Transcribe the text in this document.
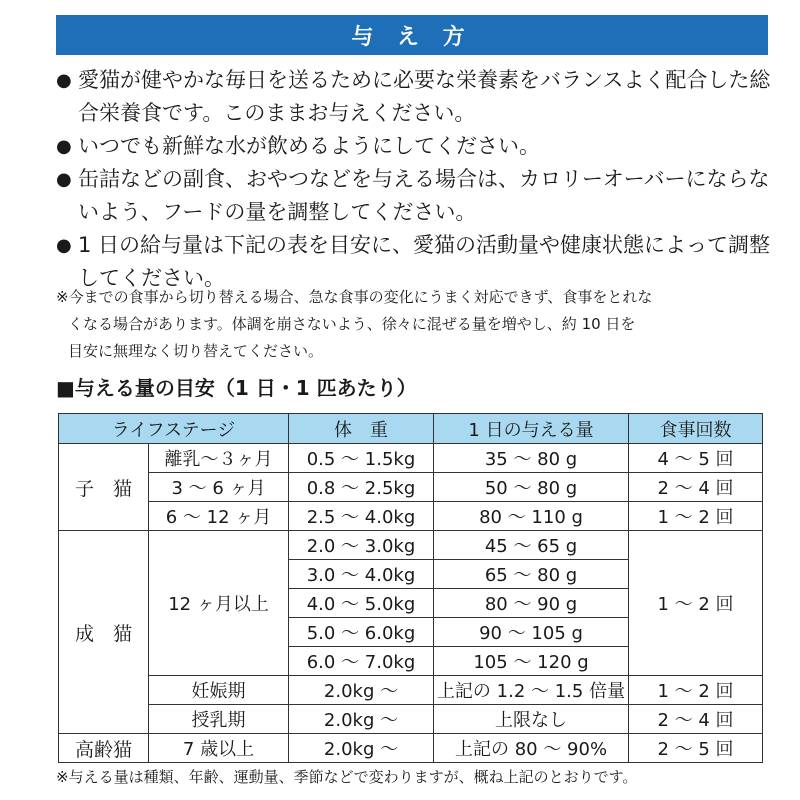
与 え 方
● 愛猫が健やかな毎日を送るために必要な栄養素をバランスよく配合した総合栄養食です。このままお与えください。
● いつでも新鮮な水が飲めるようにしてください。
● 缶詰などの副食、おやつなどを与える場合は、カロリーオーバーにならないよう、フードの量を調整してください。
● 1 日の給与量は下記の表を目安に、愛猫の活動量や健康状態によって調整してください。
※今までの食事から切り替える場合、急な食事の変化にうまく対応できず、食事をとれな
くなる場合があります。体調を崩さないよう、徐々に混ぜる量を増やし、約 10 日を
目安に無理なく切り替えてください。
■与える量の目安（1 日・1 匹あたり）
ライフステージ		体　重	1 日の与える量	食事回数
子　猫	離乳～３ヶ月	0.5 ～ 1.5kg	35 ～ 80 g	4 ～ 5 回
	3 ～ 6 ヶ月	0.8 ～ 2.5kg	50 ～ 80 g	2 ～ 4 回
	6 ～ 12 ヶ月	2.5 ～ 4.0kg	80 ～ 110 g	1 ～ 2 回
成　猫	12 ヶ月以上	2.0 ～ 3.0kg	45 ～ 65 g	1 ～ 2 回
		3.0 ～ 4.0kg	65 ～ 80 g	
		4.0 ～ 5.0kg	80 ～ 90 g	
		5.0 ～ 6.0kg	90 ～ 105 g	
		6.0 ～ 7.0kg	105 ～ 120 g	
	妊娠期	2.0kg ～	上記の 1.2 ～ 1.5 倍量	1 ～ 2 回
	授乳期	2.0kg ～	上限なし	2 ～ 4 回
高齢猫	7 歳以上	2.0kg ～	上記の 80 ～ 90%	2 ～ 5 回
※与える量は種類、年齢、運動量、季節などで変わりますが、概ね上記のとおりです。
